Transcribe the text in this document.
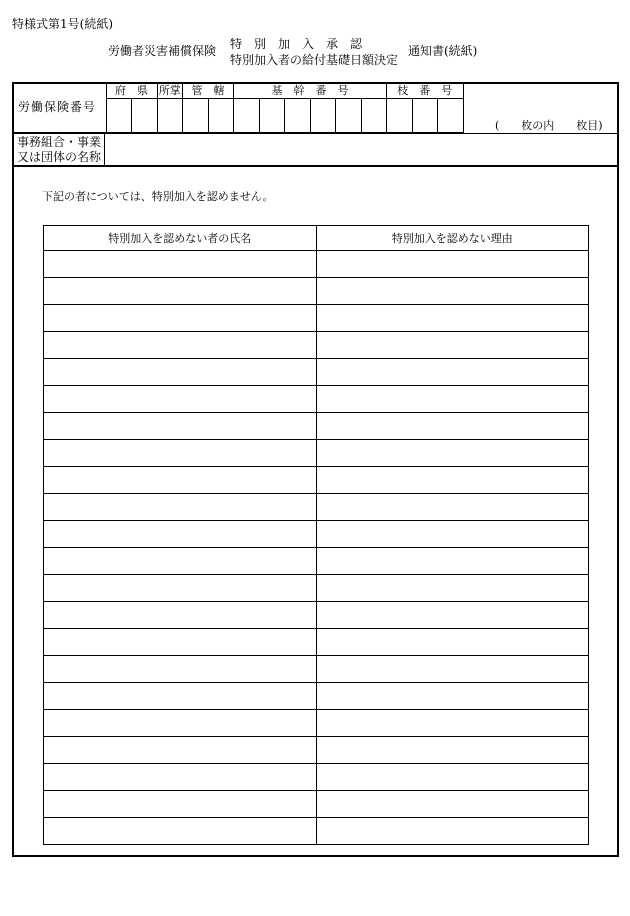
特様式第1号(続紙)
労働者災害補償保険 特　別　加　入　承　認
特別加入者の給付基礎日額決定
通知書(続紙)
	府　県		所掌	管　轄		基　幹　番　号						枝　番　号		

労働保険番号
(　　枚の内　　枚目)
事務組合・事業
又は団体の名称
下記の者については、特別加入を認めません。
特別加入を認めない者の氏名	特別加入を認めない理由
